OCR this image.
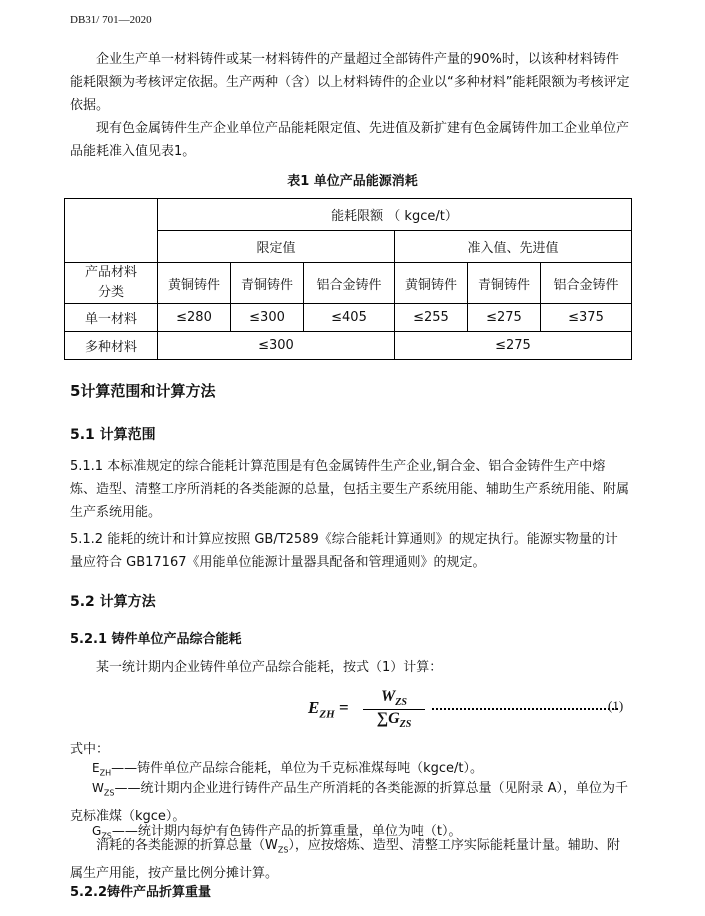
DB31/ 701—2020

企业生产单一材料铸件或某一材料铸件的产量超过全部铸件产量的90%时，以该种材料铸件能耗限额为考核评定依据。生产两种（含）以上材料铸件的企业以“多种材料”能耗限额为考核评定依据。

现有色金属铸件生产企业单位产品能耗限定值、先进值及新扩建有色金属铸件加工企业单位产品能耗准入值见表1。

表1 单位产品能源消耗
	能耗限额 （ kgce/t）					
	限定值			准入值、先进值		
产品材料分类	黄铜铸件	青铜铸件	铝合金铸件	黄铜铸件	青铜铸件	铝合金铸件
单一材料	≤280	≤300	≤405	≤255	≤275	≤375
多种材料	≤300			≤275		
5计算范围和计算方法
5.1 计算范围
5.1.1 本标准规定的综合能耗计算范围是有色金属铸件生产企业,铜合金、铝合金铸件生产中熔炼、造型、清整工序所消耗的各类能源的总量，包括主要生产系统用能、辅助生产系统用能、附属生产系统用能。
5.1.2 能耗的统计和计算应按照 GB/T2589《综合能耗计算通则》的规定执行。能源实物量的计量应符合 GB17167《用能单位能源计量器具配备和管理通则》的规定。
5.2 计算方法
5.2.1 铸件单位产品综合能耗
某一统计期内企业铸件单位产品综合能耗，按式（1）计算：
$E_{ZH}$ =
$W_{ZS}$
$\sum G_{ZS}$
(1)
式中：
$E_{ZH}——$铸件单位产品综合能耗，单位为千克标准煤每吨（kgce/t）。
$W_{ZS}——$统计期内企业进行铸件产品生产所消耗的各类能源的折算总量（见附录 A），单位为千克标准煤（kgce）。
$G_{ZS}——$统计期内每炉有色铸件产品的折算重量，单位为吨（t）。
消耗的各类能源的折算总量$(W_{ZS})$，应按熔炼、造型、清整工序实际能耗量计量。辅助、附属生产用能，按产量比例分摊计算。
5.2.2铸件产品折算重量
